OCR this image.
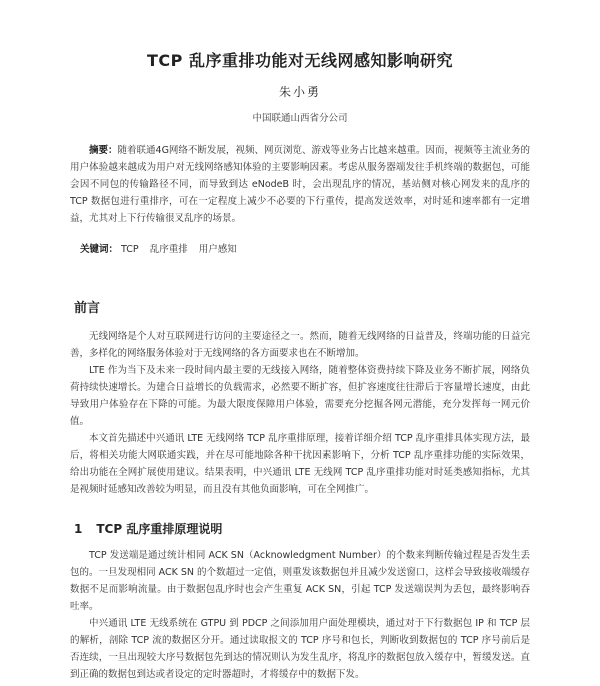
TCP 乱序重排功能对无线网感知影响研究
朱小勇
中国联通山西省分公司

摘要：随着联通4G网络不断发展，视频、网页浏览、游戏等业务占比越来越重。因而，视频等主流业务的用户体验越来越成为用户对无线网络感知体验的主要影响因素。考虑从服务器端发往手机终端的数据包，可能会因不同包的传输路径不同，而导致到达 eNodeB 时，会出现乱序的情况，基站侧对核心网发来的乱序的 TCP 数据包进行重排序，可在一定程度上减少不必要的下行重传，提高发送效率，对时延和速率都有一定增益，尤其对上下行传输很叉乱序的场景。

关键词： TCP 乱序重排 用户感知
前言

无线网络是个人对互联网进行访问的主要途径之一。然而，随着无线网络的日益普及，终端功能的日益完善，多样化的网络服务体验对于无线网络的各方面要求也在不断增加。

LTE 作为当下及未来一段时间内最主要的无线接入网络，随着整体资费持续下降及业务不断扩展，网络负荷持续快速增长。为建合日益增长的负载需求，必然要不断扩容，但扩容速度往往滞后于容量增长速度，由此导致用户体验存在下降的可能。为最大限度保障用户体验，需要充分挖掘各网元潜能，充分发挥每一网元价值。

本文首先描述中兴通讯 LTE 无线网络 TCP 乱序重排原理，接着详细介绍 TCP 乱序重排具体实现方法，最后，将相关功能大网联通实践，并在尽可能地除各种干扰因素影响下，分析 TCP 乱序重排功能的实际效果，给出功能在全网扩展使用建议。结果表明，中兴通讯 LTE 无线网 TCP 乱序重排功能对时延类感知指标，尤其是视频时延感知改善较为明显，而且没有其他负面影响，可在全网推广。

1 TCP 乱序重排原理说明

TCP 发送端是通过统计相同 ACK SN（Acknowledgment Number）的个数来判断传输过程是否发生丢包的。一旦发现相同 ACK SN 的个数超过一定值，则重发该数据包并且减少发送窗口，这样会导致接收端缓存数据不足而影响流量。由于数据包乱序时也会产生重复 ACK SN，引起 TCP 发送端误判为丢包，最终影响吞吐率。

中兴通讯 LTE 无线系统在 GTPU 到 PDCP 之间添加用户面处理模块，通过对于下行数据包 IP 和 TCP 层的解析，剖除 TCP 流的数据区分开。通过读取报文的 TCP 序号和包长，判断收到数据包的 TCP 序号前后是否连续，一旦出现较大序号数据包先到达的情况则认为发生乱序，将乱序的数据包放入缓存中，暂缓发送。直到正确的数据包到达或者设定的定时器超时，才将缓存中的数据下发。
